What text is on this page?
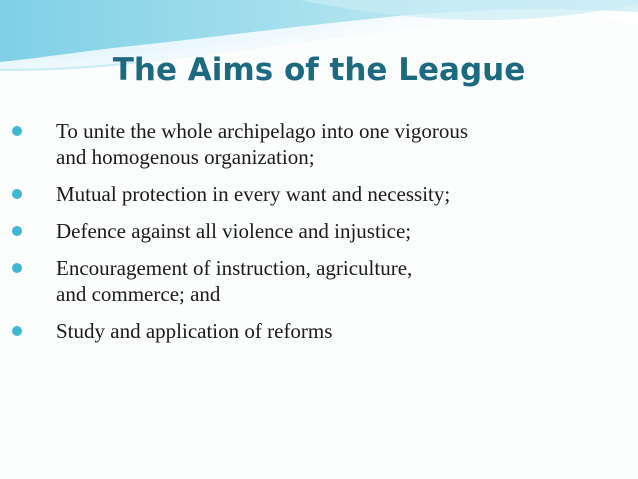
The Aims of the League
To unite the whole archipelago into one vigorous
and homogenous organization;
Mutual protection in every want and necessity;
Defence against all violence and injustice;
Encouragement of instruction, agriculture,
and commerce; and
Study and application of reforms
